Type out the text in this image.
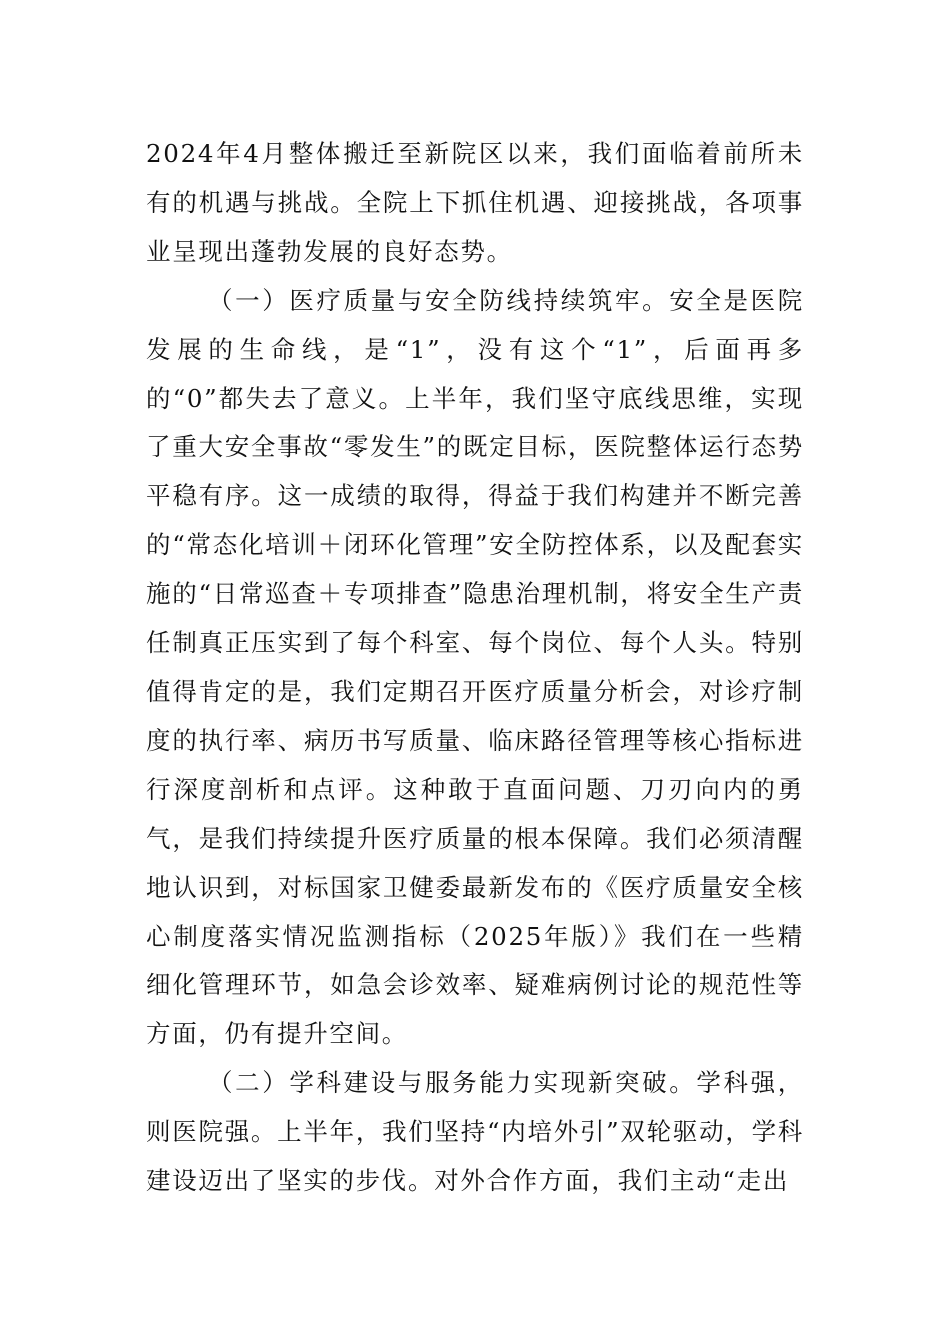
2024年4月整体搬迁至新院区以来，我们面临着前所未有的机遇与挑战。全院上下抓住机遇、迎接挑战，各项事业呈现出蓬勃发展的良好态势。

（一）医疗质量与安全防线持续筑牢。安全是医院发展的生命线，是“1”，没有这个“1”，后面再多的“0”都失去了意义。上半年，我们坚守底线思维，实现了重大安全事故“零发生”的既定目标，医院整体运行态势平稳有序。这一成绩的取得，得益于我们构建并不断完善的“常态化培训＋闭环化管理”安全防控体系，以及配套实施的“日常巡查＋专项排查”隐患治理机制，将安全生产责任制真正压实到了每个科室、每个岗位、每个人头。特别值得肯定的是，我们定期召开医疗质量分析会，对诊疗制度的执行率、病历书写质量、临床路径管理等核心指标进行深度剖析和点评。这种敢于直面问题、刀刃向内的勇气，是我们持续提升医疗质量的根本保障。我们必须清醒地认识到，对标国家卫健委最新发布的《医疗质量安全核心制度落实情况监测指标（2025年版）》我们在一些精细化管理环节，如急会诊效率、疑难病例讨论的规范性等方面，仍有提升空间。

（二）学科建设与服务能力实现新突破。学科强，则医院强。上半年，我们坚持“内培外引”双轮驱动，学科建设迈出了坚实的步伐。对外合作方面，我们主动“走出
